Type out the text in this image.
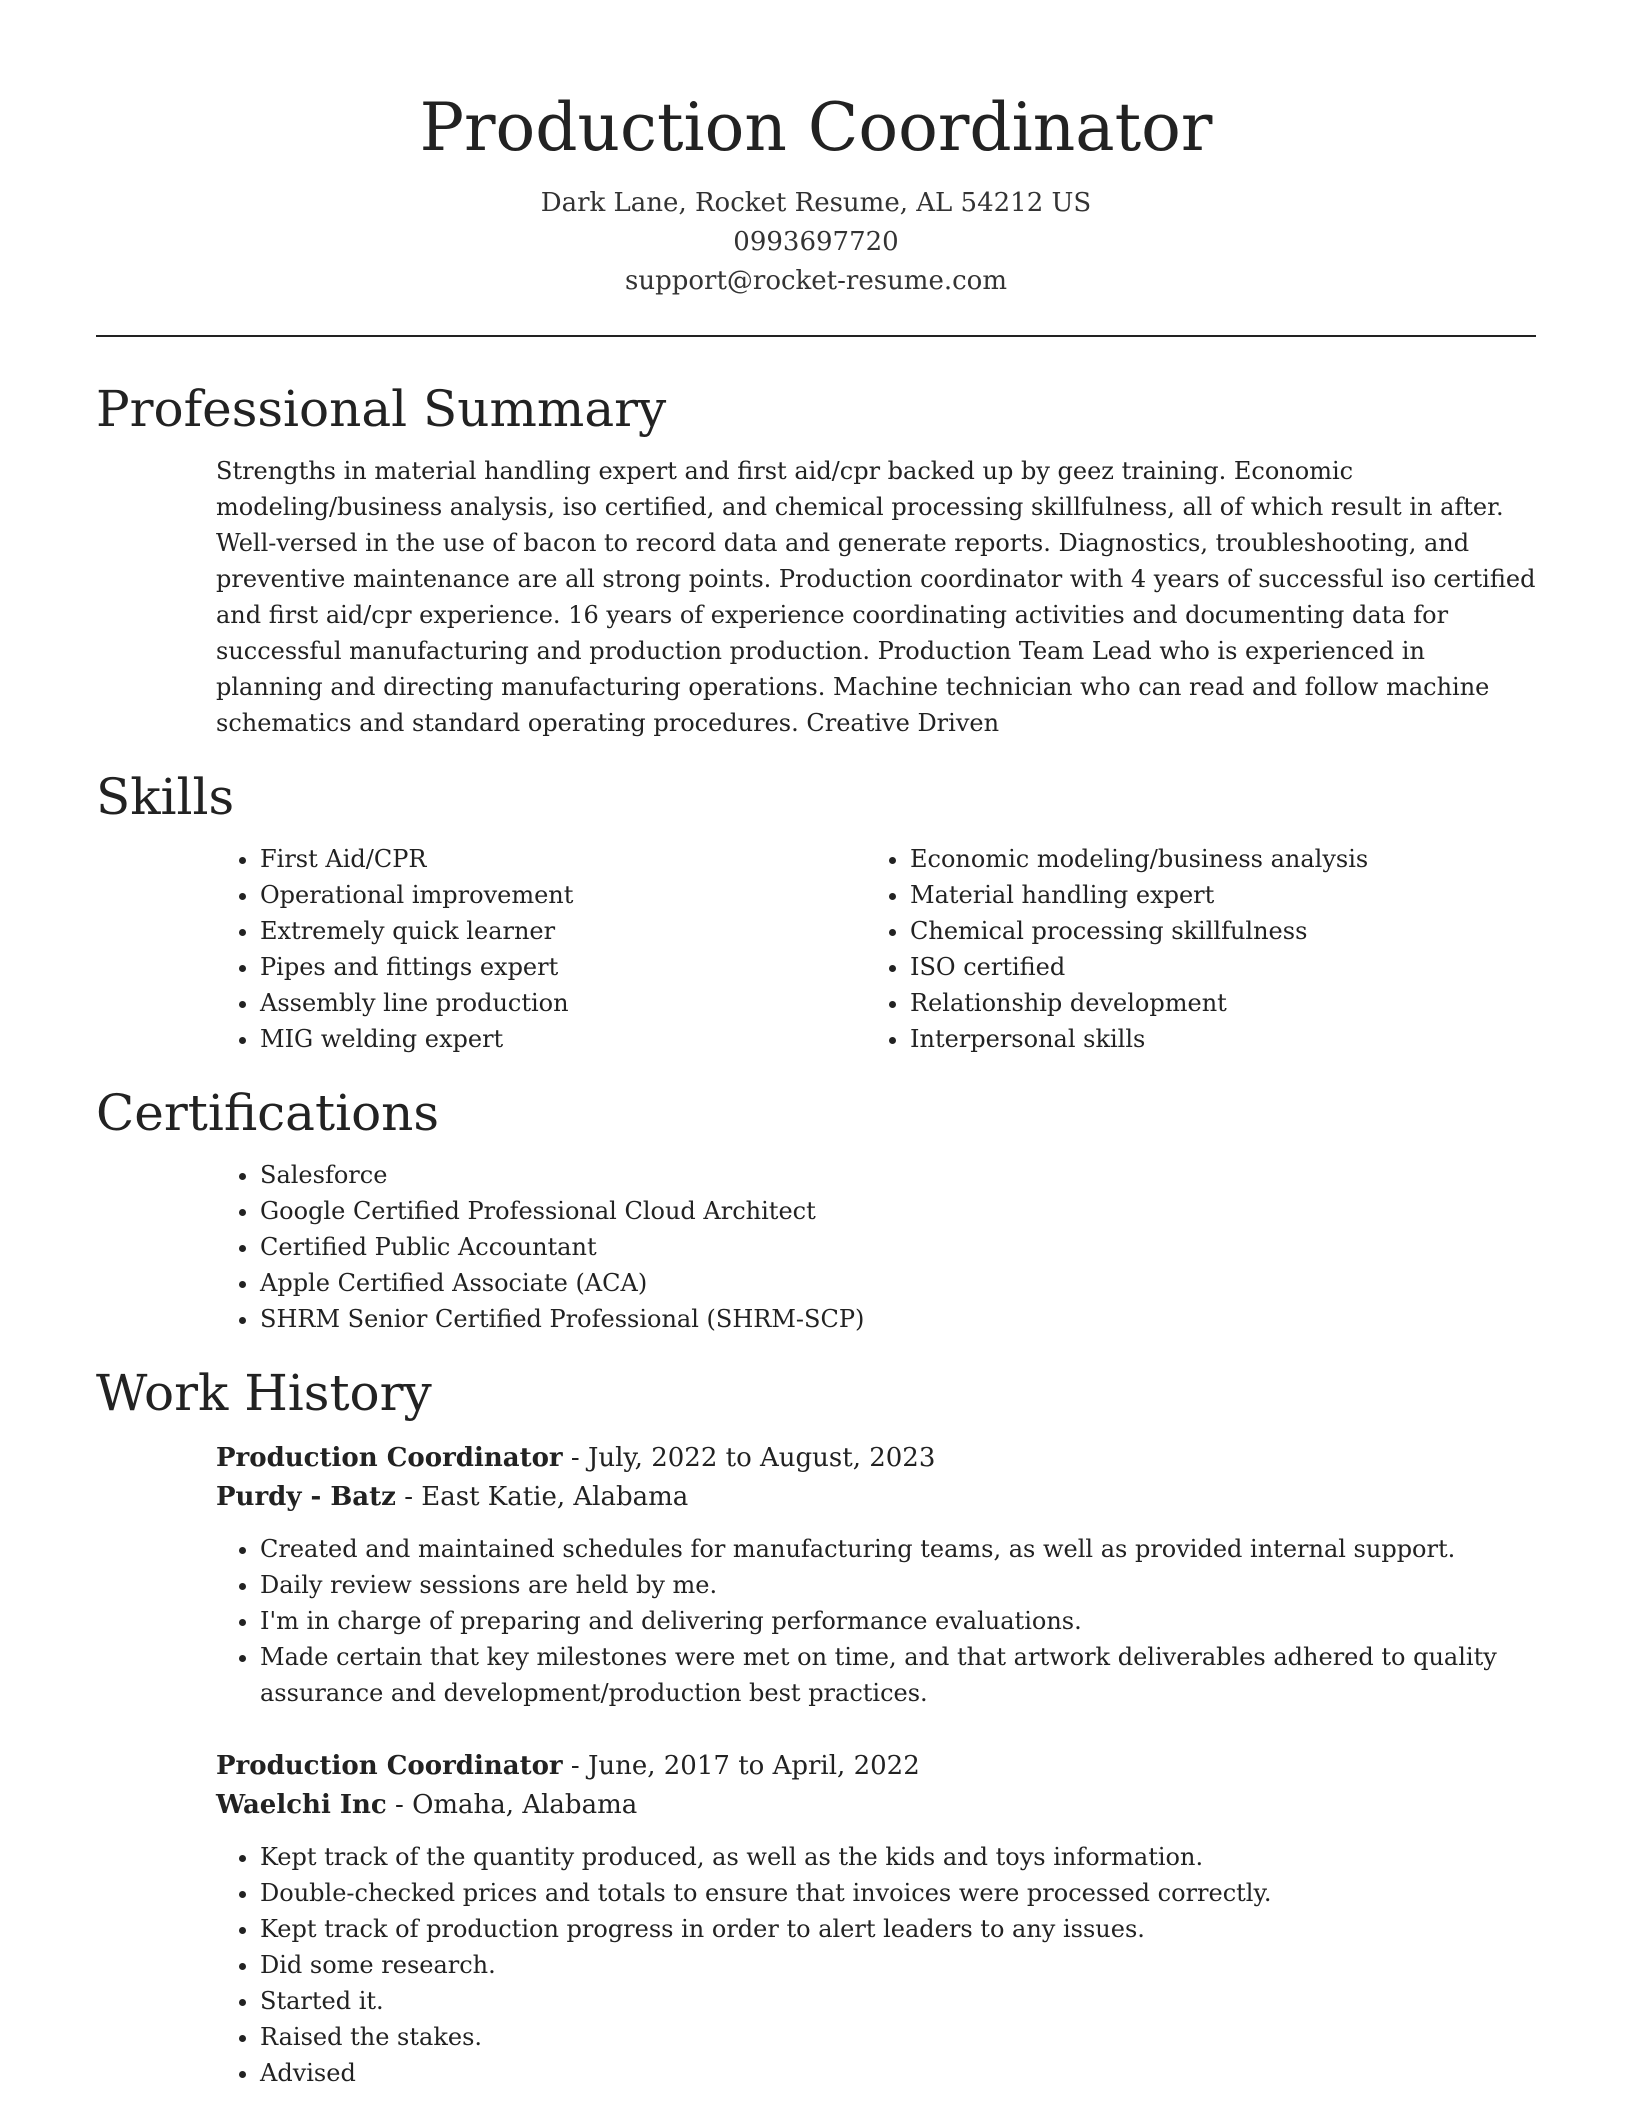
Production Coordinator
Dark Lane, Rocket Resume, AL 54212 US
0993697720
support@rocket-resume.com
Professional Summary

Strengths in material handling expert and first aid/cpr backed up by geez training. Economic modeling/business analysis, iso certified, and chemical processing skillfulness, all of which result in after. Well-versed in the use of bacon to record data and generate reports. Diagnostics, troubleshooting, and preventive maintenance are all strong points. Production coordinator with 4 years of successful iso certified and first aid/cpr experience. 16 years of experience coordinating activities and documenting data for successful manufacturing and production production. Production Team Lead who is experienced in planning and directing manufacturing operations. Machine technician who can read and follow machine schematics and standard operating procedures. Creative Driven

Skills
• First Aid/CPR
• Operational improvement
• Extremely quick learner
• Pipes and fittings expert
• Assembly line production
• MIG welding expert
• Economic modeling/business analysis
• Material handling expert
• Chemical processing skillfulness
• ISO certified
• Relationship development
• Interpersonal skills
Certifications
• Salesforce
• Google Certified Professional Cloud Architect
• Certified Public Accountant
• Apple Certified Associate (ACA)
• SHRM Senior Certified Professional (SHRM-SCP)
Work History
Production Coordinator - July, 2022 to August, 2023
Purdy - Batz - East Katie, Alabama
• Created and maintained schedules for manufacturing teams, as well as provided internal support.
• Daily review sessions are held by me.
• I'm in charge of preparing and delivering performance evaluations.
• Made certain that key milestones were met on time, and that artwork deliverables adhered to quality assurance and development/production best practices.
Production Coordinator - June, 2017 to April, 2022
Waelchi Inc - Omaha, Alabama
• Kept track of the quantity produced, as well as the kids and toys information.
• Double-checked prices and totals to ensure that invoices were processed correctly.
• Kept track of production progress in order to alert leaders to any issues.
• Did some research.
• Started it.
• Raised the stakes.
• Advised
